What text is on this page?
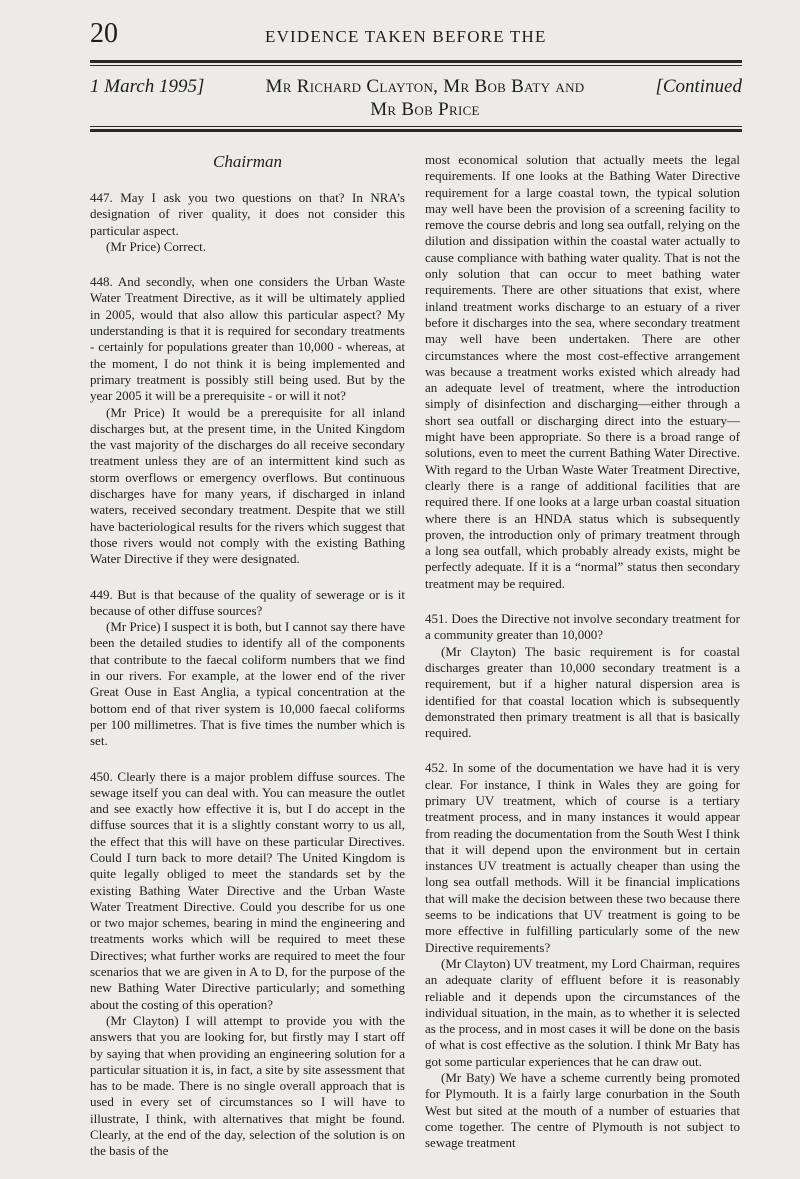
20	EVIDENCE TAKEN BEFORE THE
1 March 1995]	Mr Richard Clayton, Mr Bob Baty and Mr Bob Price
[Continued
Chairman

447. May I ask you two questions on that? In NRA’s designation of river quality, it does not consider this particular aspect.

(Mr Price) Correct.

448. And secondly, when one considers the Urban Waste Water Treatment Directive, as it will be ultimately applied in 2005, would that also allow this particular aspect? My understanding is that it is required for secondary treatments - certainly for populations greater than 10,000 - whereas, at the moment, I do not think it is being implemented and primary treatment is possibly still being used. But by the year 2005 it will be a prerequisite - or will it not?

(Mr Price) It would be a prerequisite for all inland discharges but, at the present time, in the United Kingdom the vast majority of the discharges do all receive secondary treatment unless they are of an intermittent kind such as storm overflows or emergency overflows. But continuous discharges have for many years, if discharged in inland waters, received secondary treatment. Despite that we still have bacteriological results for the rivers which suggest that those rivers would not comply with the existing Bathing Water Directive if they were designated.

449. But is that because of the quality of sewerage or is it because of other diffuse sources?

(Mr Price) I suspect it is both, but I cannot say there have been the detailed studies to identify all of the components that contribute to the faecal coliform numbers that we find in our rivers. For example, at the lower end of the river Great Ouse in East Anglia, a typical concentration at the bottom end of that river system is 10,000 faecal coliforms per 100 millimetres. That is five times the number which is set.

450. Clearly there is a major problem diffuse sources. The sewage itself you can deal with. You can measure the outlet and see exactly how effective it is, but I do accept in the diffuse sources that it is a slightly constant worry to us all, the effect that this will have on these particular Directives. Could I turn back to more detail? The United Kingdom is quite legally obliged to meet the standards set by the existing Bathing Water Directive and the Urban Waste Water Treatment Directive. Could you describe for us one or two major schemes, bearing in mind the engineering and treatments works which will be required to meet these Directives; what further works are required to meet the four scenarios that we are given in A to D, for the purpose of the new Bathing Water Directive particularly; and something about the costing of this operation?

(Mr Clayton) I will attempt to provide you with the answers that you are looking for, but firstly may I start off by saying that when providing an engineering solution for a particular situation it is, in fact, a site by site assessment that has to be made. There is no single overall approach that is used in every set of circumstances so I will have to illustrate, I think, with alternatives that might be found. Clearly, at the end of the day, selection of the solution is on the basis of the

most economical solution that actually meets the legal requirements. If one looks at the Bathing Water Directive requirement for a large coastal town, the typical solution may well have been the provision of a screening facility to remove the course debris and long sea outfall, relying on the dilution and dissipation within the coastal water actually to cause compliance with bathing water quality. That is not the only solution that can occur to meet bathing water requirements. There are other situations that exist, where inland treatment works discharge to an estuary of a river before it discharges into the sea, where secondary treatment may well have been undertaken. There are other circumstances where the most cost-effective arrangement was because a treatment works existed which already had an adequate level of treatment, where the introduction simply of disinfection and discharging—either through a short sea outfall or discharging direct into the estuary—might have been appropriate. So there is a broad range of solutions, even to meet the current Bathing Water Directive. With regard to the Urban Waste Water Treatment Directive, clearly there is a range of additional facilities that are required there. If one looks at a large urban coastal situation where there is an HNDA status which is subsequently proven, the introduction only of primary treatment through a long sea outfall, which probably already exists, might be perfectly adequate. If it is a “normal” status then secondary treatment may be required.

451. Does the Directive not involve secondary treatment for a community greater than 10,000?

(Mr Clayton) The basic requirement is for coastal discharges greater than 10,000 secondary treatment is a requirement, but if a higher natural dispersion area is identified for that coastal location which is subsequently demonstrated then primary treatment is all that is basically required.

452. In some of the documentation we have had it is very clear. For instance, I think in Wales they are going for primary UV treatment, which of course is a tertiary treatment process, and in many instances it would appear from reading the documentation from the South West I think that it will depend upon the environment but in certain instances UV treatment is actually cheaper than using the long sea outfall methods. Will it be financial implications that will make the decision between these two because there seems to be indications that UV treatment is going to be more effective in fulfilling particularly some of the new Directive requirements?

(Mr Clayton) UV treatment, my Lord Chairman, requires an adequate clarity of effluent before it is reasonably reliable and it depends upon the circumstances of the individual situation, in the main, as to whether it is selected as the process, and in most cases it will be done on the basis of what is cost effective as the solution. I think Mr Baty has got some particular experiences that he can draw out.

(Mr Baty) We have a scheme currently being promoted for Plymouth. It is a fairly large conurbation in the South West but sited at the mouth of a number of estuaries that come together. The centre of Plymouth is not subject to sewage treatment
